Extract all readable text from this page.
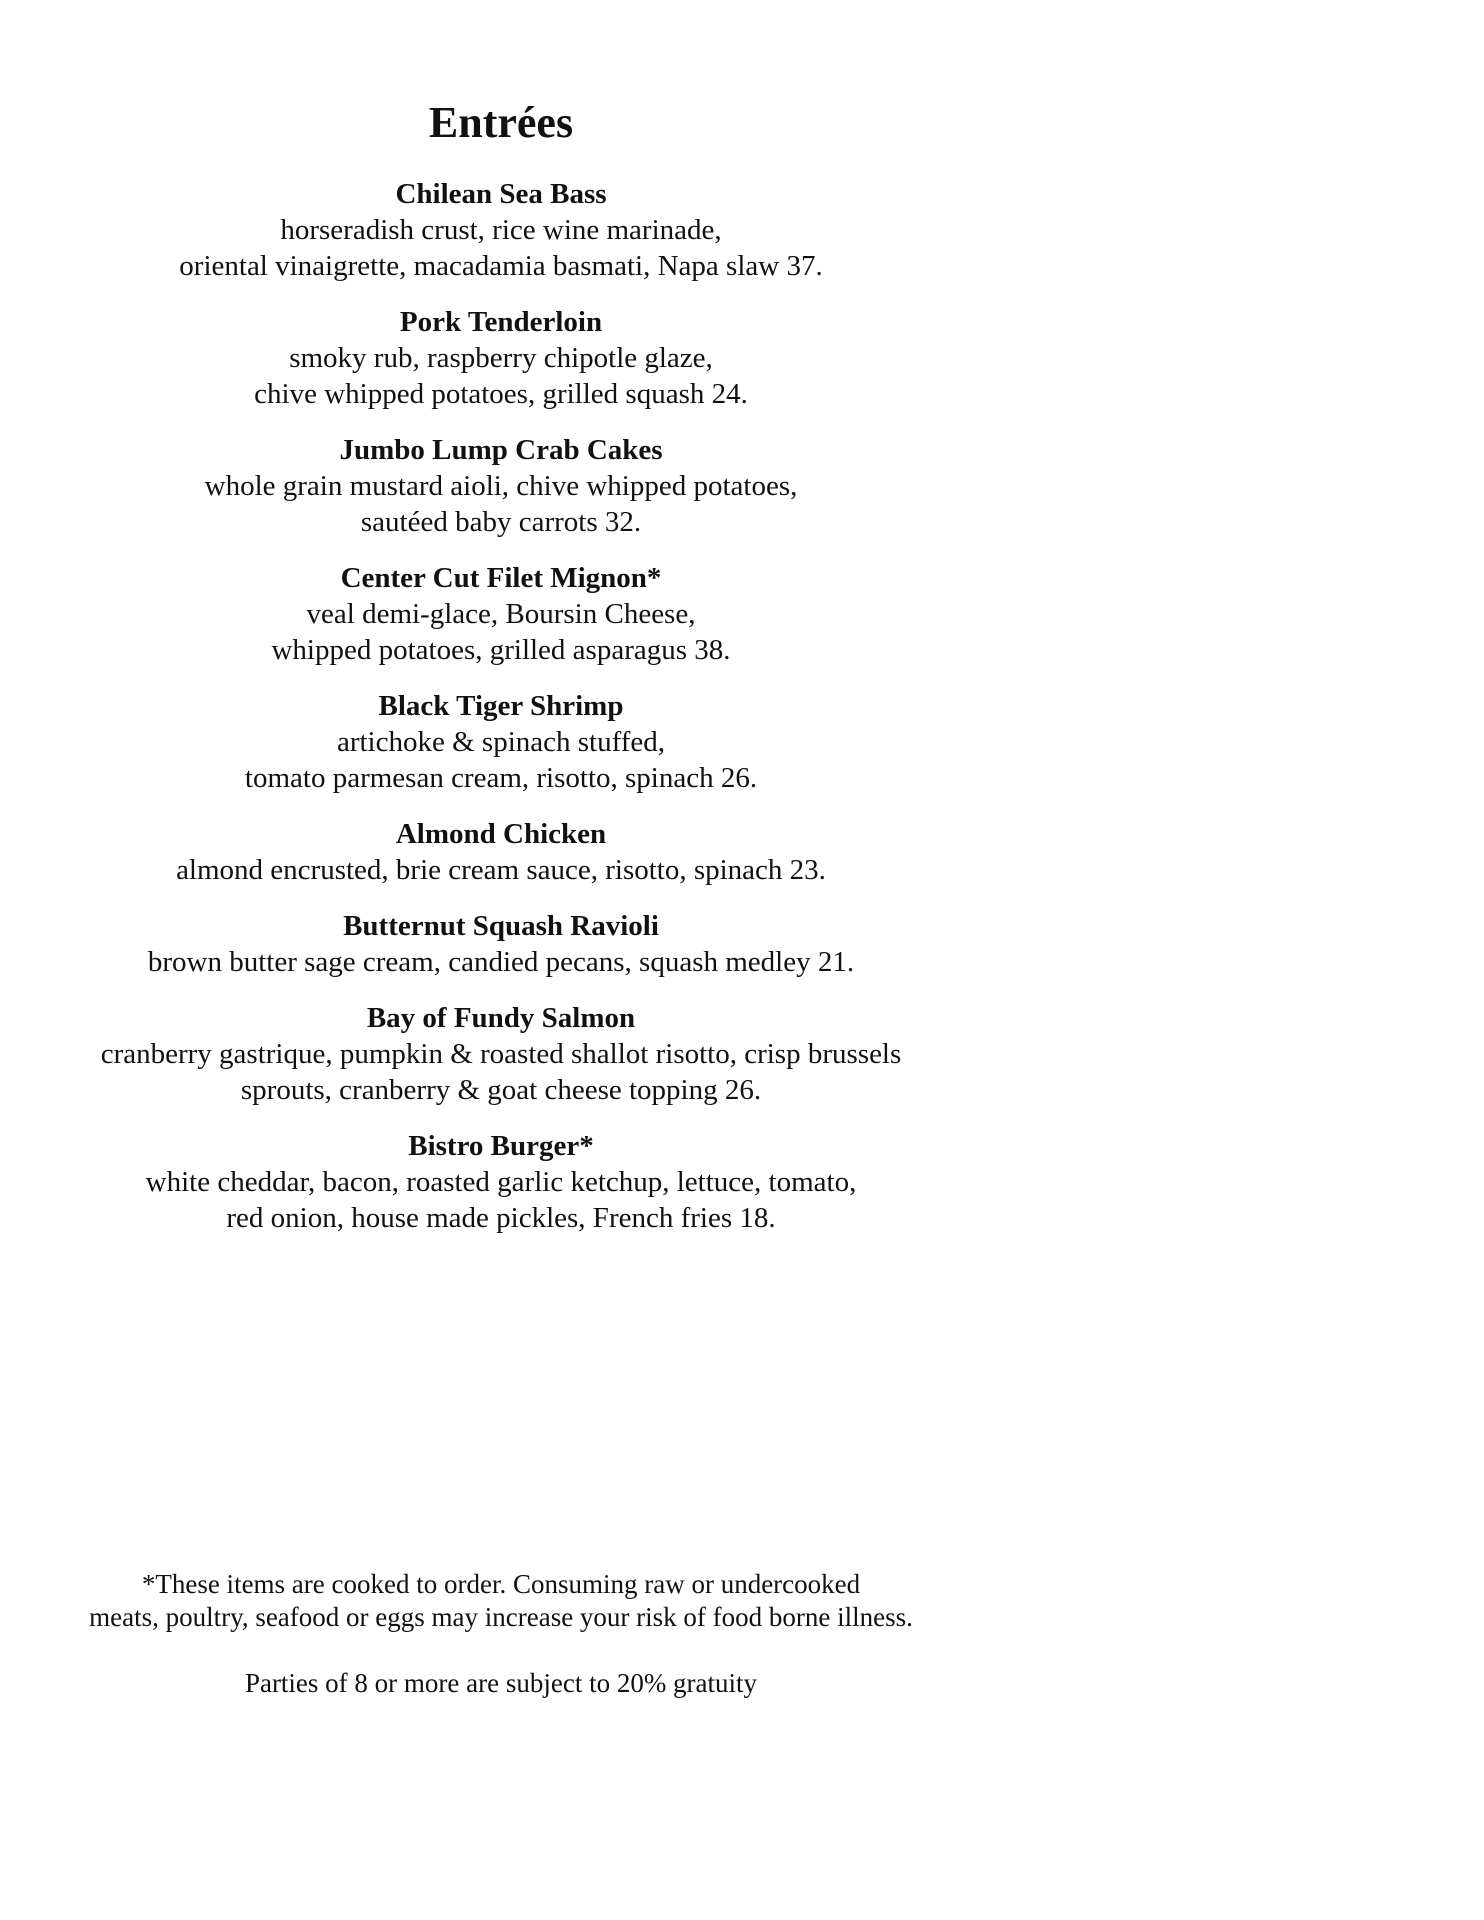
Entrées
Chilean Sea Bass
horseradish crust, rice wine marinade,
oriental vinaigrette, macadamia basmati, Napa slaw 37.
Pork Tenderloin
smoky rub, raspberry chipotle glaze,
chive whipped potatoes, grilled squash 24.
Jumbo Lump Crab Cakes
whole grain mustard aioli, chive whipped potatoes,
sautéed baby carrots 32.
Center Cut Filet Mignon*
veal demi-glace, Boursin Cheese,
whipped potatoes, grilled asparagus 38.
Black Tiger Shrimp
artichoke & spinach stuffed,
tomato parmesan cream, risotto, spinach 26.
Almond Chicken
almond encrusted, brie cream sauce, risotto, spinach 23.
Butternut Squash Ravioli
brown butter sage cream, candied pecans, squash medley 21.
Bay of Fundy Salmon
cranberry gastrique, pumpkin & roasted shallot risotto, crisp brussels
sprouts, cranberry & goat cheese topping 26.
Bistro Burger*
white cheddar, bacon, roasted garlic ketchup, lettuce, tomato,
red onion, house made pickles, French fries 18.
*These items are cooked to order. Consuming raw or undercooked
meats, poultry, seafood or eggs may increase your risk of food borne illness.
Parties of 8 or more are subject to 20% gratuity
